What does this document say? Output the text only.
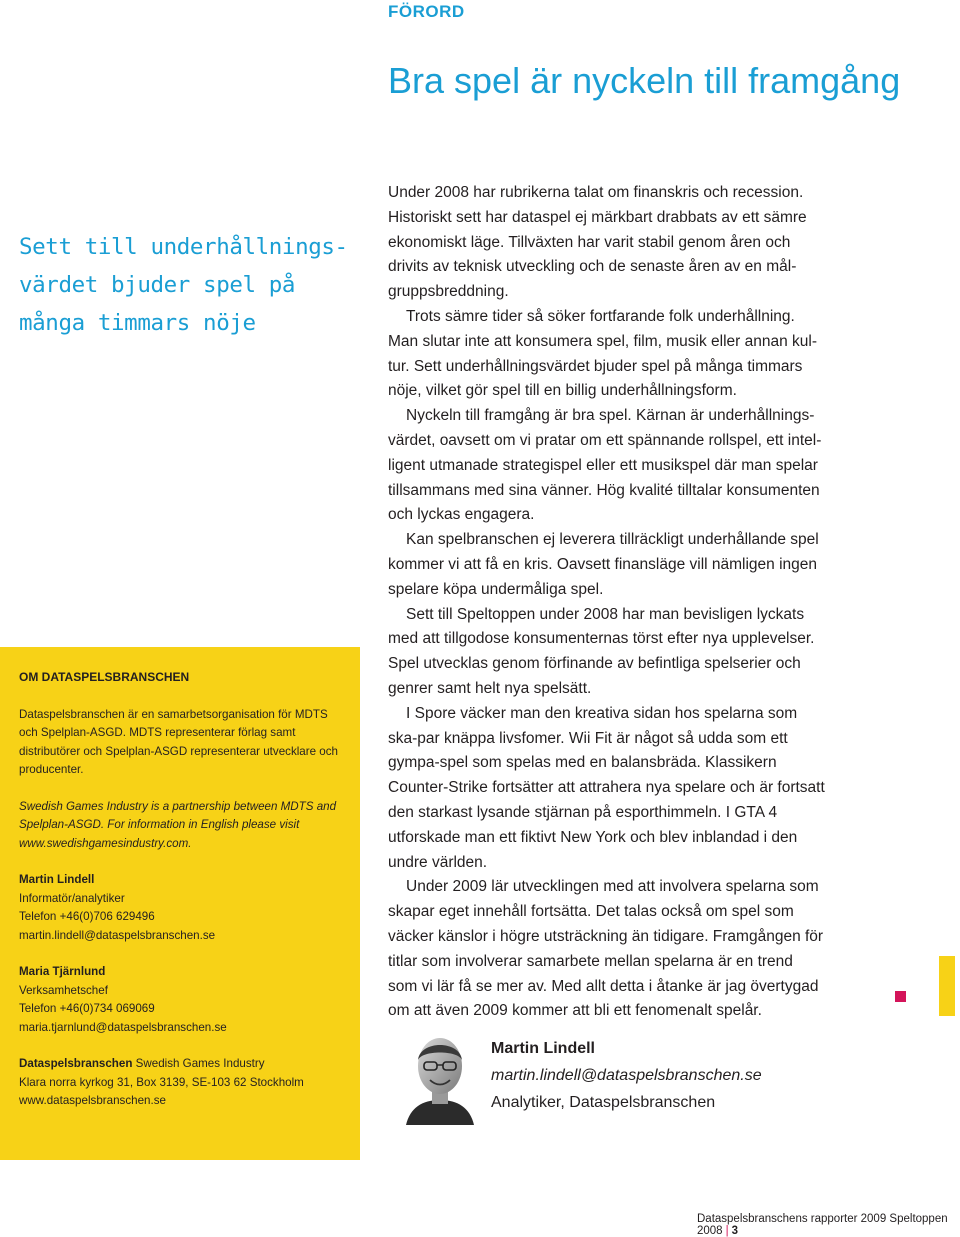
FÖRORD
Bra spel är nyckeln till framgång
Sett till underhållnings-
värdet bjuder spel på
många timmars nöje

Under 2008 har rubrikerna talat om finanskris och recession. Historiskt sett har dataspel ej märkbart drabbats av ett sämre ekonomiskt läge. Tillväxten har varit stabil genom åren och drivits av teknisk utveckling och de senaste åren av en mål-gruppsbreddning.

Trots sämre tider så söker fortfarande folk underhållning. Man slutar inte att konsumera spel, film, musik eller annan kul-tur. Sett underhållningsvärdet bjuder spel på många timmars nöje, vilket gör spel till en billig underhållningsform.

Nyckeln till framgång är bra spel. Kärnan är underhållnings-värdet, oavsett om vi pratar om ett spännande rollspel, ett intel-ligent utmanade strategispel eller ett musikspel där man spelar tillsammans med sina vänner. Hög kvalité tilltalar konsumenten och lyckas engagera.

Kan spelbranschen ej leverera tillräckligt underhållande spel kommer vi att få en kris. Oavsett finansläge vill nämligen ingen spelare köpa undermåliga spel.

Sett till Speltoppen under 2008 har man bevisligen lyckats med att tillgodose konsumenternas törst efter nya upplevelser. Spel utvecklas genom förfinande av befintliga spelserier och genrer samt helt nya spelsätt.

I Spore väcker man den kreativa sidan hos spelarna som ska-par knäppa livsfomer. Wii Fit är något så udda som ett gympa-spel som spelas med en balansbräda. Klassikern Counter-Strike fortsätter att attrahera nya spelare och är fortsatt den starkast lysande stjärnan på esporthimmeln. I GTA 4 utforskade man ett fiktivt New York och blev inblandad i den undre världen.

Under 2009 lär utvecklingen med att involvera spelarna som skapar eget innehåll fortsätta. Det talas också om spel som väcker känslor i högre utsträckning än tidigare. Framgången för titlar som involverar samarbete mellan spelarna är en trend som vi lär få se mer av. Med allt detta i åtanke är jag övertygad om att även 2009 kommer att bli ett fenomenalt spelår.

OM DATASPELSBRANSCHEN

Dataspelsbranschen är en samarbetsorganisation för MDTS och Spelplan-ASGD. MDTS representerar förlag samt distributörer och Spelplan-ASGD representerar utvecklare och producenter.

Swedish Games Industry is a partnership between MDTS and Spelplan-ASGD. For information in English please visit www.swedishgamesindustry.com.

Martin Lindell
Informatör/analytiker
Telefon +46(0)706 629496
martin.lindell@dataspelsbranschen.se

Maria Tjärnlund
Verksamhetschef
Telefon +46(0)734 069069
maria.tjarnlund@dataspelsbranschen.se

Dataspelsbranschen Swedish Games Industry
Klara norra kyrkog 31, Box 3139, SE-103 62 Stockholm
www.dataspelsbranschen.se

Martin Lindell
martin.lindell@dataspelsbranschen.se
Analytiker, Dataspelsbranschen
Dataspelsbranschens rapporter 2009 Speltoppen 2008 | 3
